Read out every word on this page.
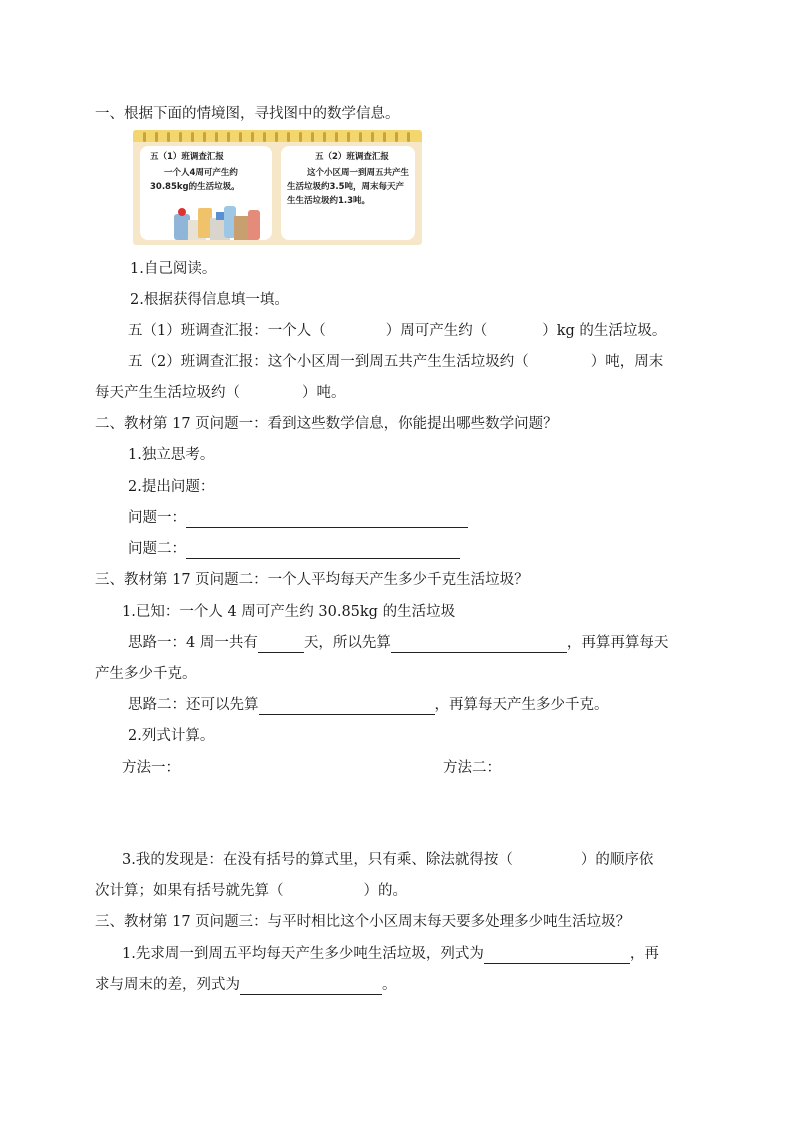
一、根据下面的情境图，寻找图中的数学信息。
五（1）班调查汇报
一个人4周可产生约30.85kg的生活垃圾。
五（2）班调查汇报
这个小区周一到周五共产生生活垃圾约3.5吨，周末每天产生生活垃圾约1.3吨。
1.自己阅读。
2.根据获得信息填一填。
五（1）班调查汇报：一个人（	）周可产生约（	）kg 的生活垃圾。
五（2）班调查汇报：这个小区周一到周五共产生生活垃圾约（	）吨，周末
每天产生生活垃圾约（	）吨。
二、教材第 17 页问题一：看到这些数学信息，你能提出哪些数学问题？
1.独立思考。
2.提出问题：
问题一：
问题二：
三、教材第 17 页问题二：一个人平均每天产生多少千克生活垃圾？
1.已知：一个人 4 周可产生约 30.85kg 的生活垃圾
思路一：4 周一共有	天，所以先算	，再算再算每天
产生多少千克。
思路二：还可以先算	，再算每天产生多少千克。
2.列式计算。
方法一：	方法二：
3.我的发现是：在没有括号的算式里，只有乘、除法就得按（	）的顺序依
次计算；如果有括号就先算（	）的。
三、教材第 17 页问题三：与平时相比这个小区周末每天要多处理多少吨生活垃圾？
1.先求周一到周五平均每天产生多少吨生活垃圾，列式为	，再
求与周末的差，列式为	。
